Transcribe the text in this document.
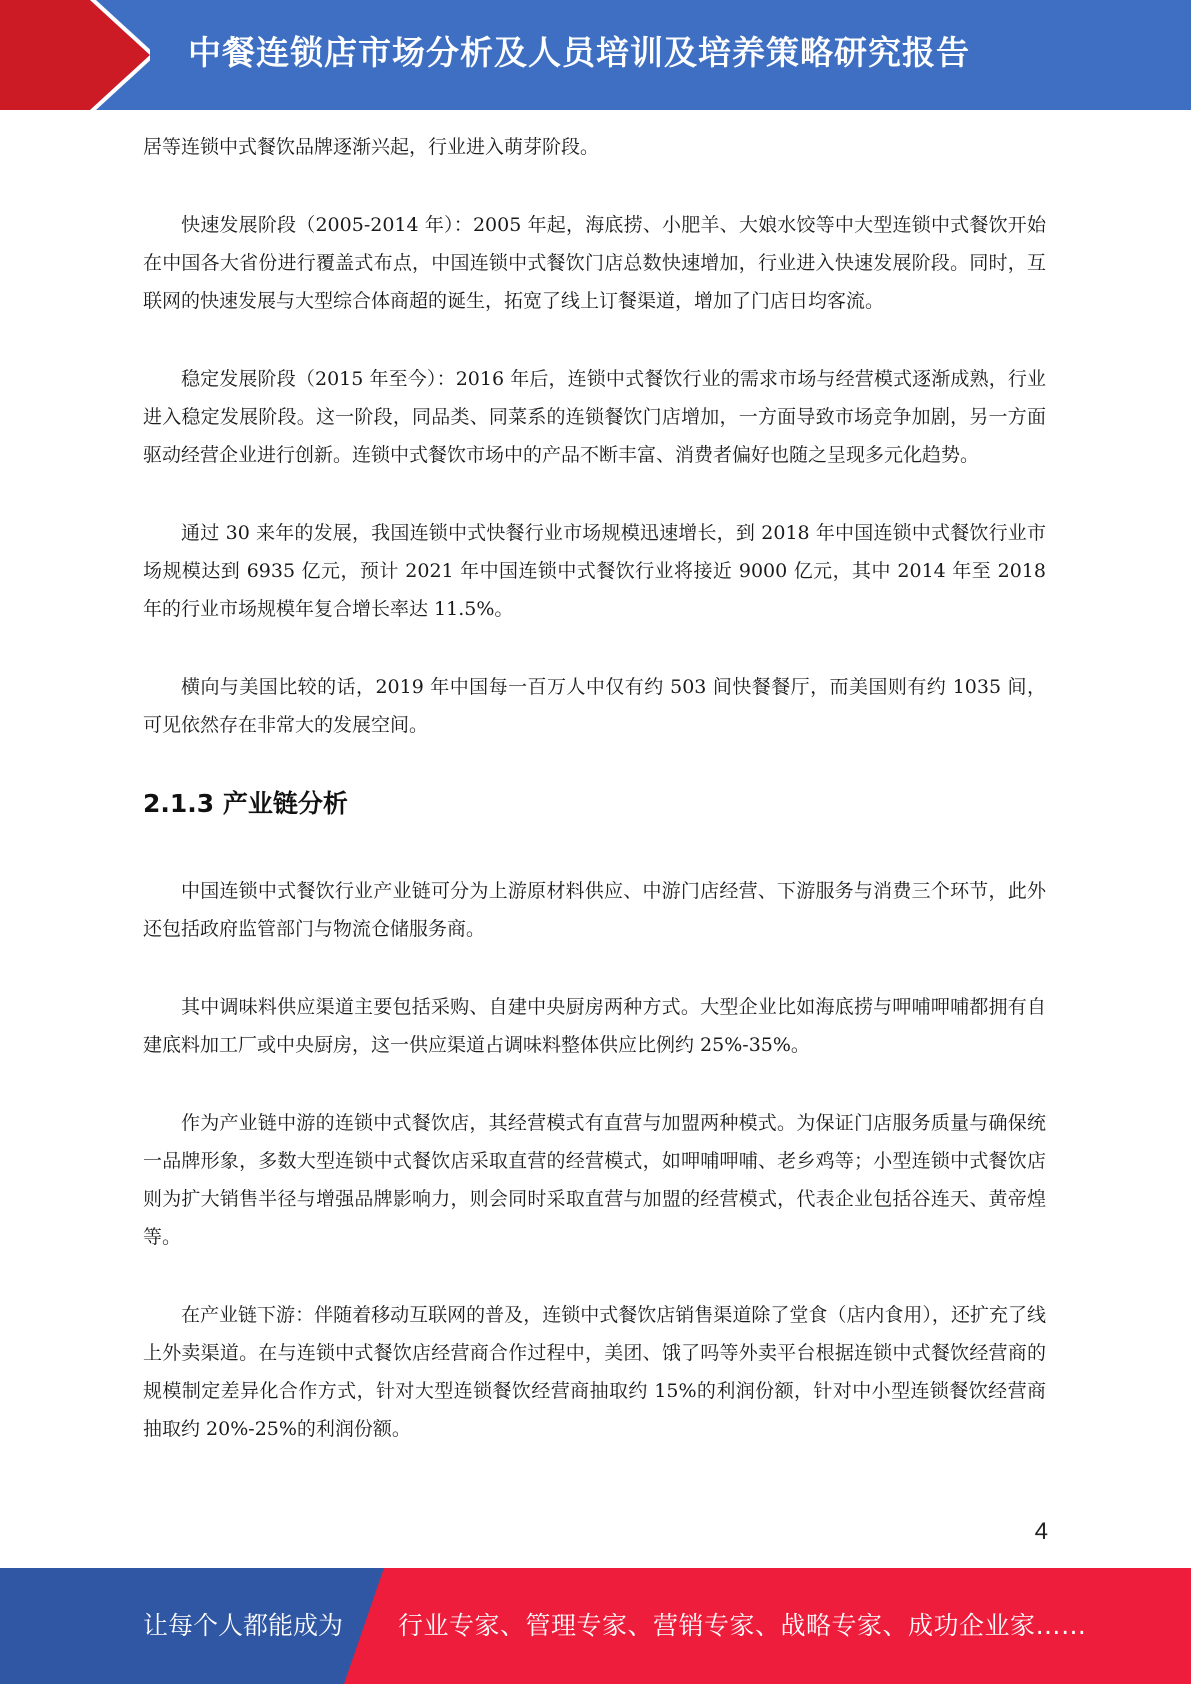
中餐连锁店市场分析及人员培训及培养策略研究报告

居等连锁中式餐饮品牌逐渐兴起，行业进入萌芽阶段。

快速发展阶段（2005-2014 年）：2005 年起，海底捞、小肥羊、大娘水饺等中大型连锁中式餐饮开始在中国各大省份进行覆盖式布点，中国连锁中式餐饮门店总数快速增加，行业进入快速发展阶段。同时，互联网的快速发展与大型综合体商超的诞生，拓宽了线上订餐渠道，增加了门店日均客流。

稳定发展阶段（2015 年至今）：2016 年后，连锁中式餐饮行业的需求市场与经营模式逐渐成熟，行业进入稳定发展阶段。这一阶段，同品类、同菜系的连锁餐饮门店增加，一方面导致市场竞争加剧，另一方面驱动经营企业进行创新。连锁中式餐饮市场中的产品不断丰富、消费者偏好也随之呈现多元化趋势。

通过 30 来年的发展，我国连锁中式快餐行业市场规模迅速增长，到 2018 年中国连锁中式餐饮行业市场规模达到 6935 亿元，预计 2021 年中国连锁中式餐饮行业将接近 9000 亿元，其中 2014 年至 2018 年的行业市场规模年复合增长率达 11.5%。

横向与美国比较的话，2019 年中国每一百万人中仅有约 503 间快餐餐厅，而美国则有约 1035 间，可见依然存在非常大的发展空间。

2.1.3 产业链分析

中国连锁中式餐饮行业产业链可分为上游原材料供应、中游门店经营、下游服务与消费三个环节，此外还包括政府监管部门与物流仓储服务商。

其中调味料供应渠道主要包括采购、自建中央厨房两种方式。大型企业比如海底捞与呷哺呷哺都拥有自建底料加工厂或中央厨房，这一供应渠道占调味料整体供应比例约 25%-35%。

作为产业链中游的连锁中式餐饮店，其经营模式有直营与加盟两种模式。为保证门店服务质量与确保统一品牌形象，多数大型连锁中式餐饮店采取直营的经营模式，如呷哺呷哺、老乡鸡等；小型连锁中式餐饮店则为扩大销售半径与增强品牌影响力，则会同时采取直营与加盟的经营模式，代表企业包括谷连天、黄帝煌等。

在产业链下游：伴随着移动互联网的普及，连锁中式餐饮店销售渠道除了堂食（店内食用），还扩充了线上外卖渠道。在与连锁中式餐饮店经营商合作过程中，美团、饿了吗等外卖平台根据连锁中式餐饮经营商的规模制定差异化合作方式，针对大型连锁餐饮经营商抽取约 15%的利润份额，针对中小型连锁餐饮经营商抽取约 20%-25%的利润份额。

4
让每个人都能成为 行业专家、管理专家、营销专家、战略专家、成功企业家……
